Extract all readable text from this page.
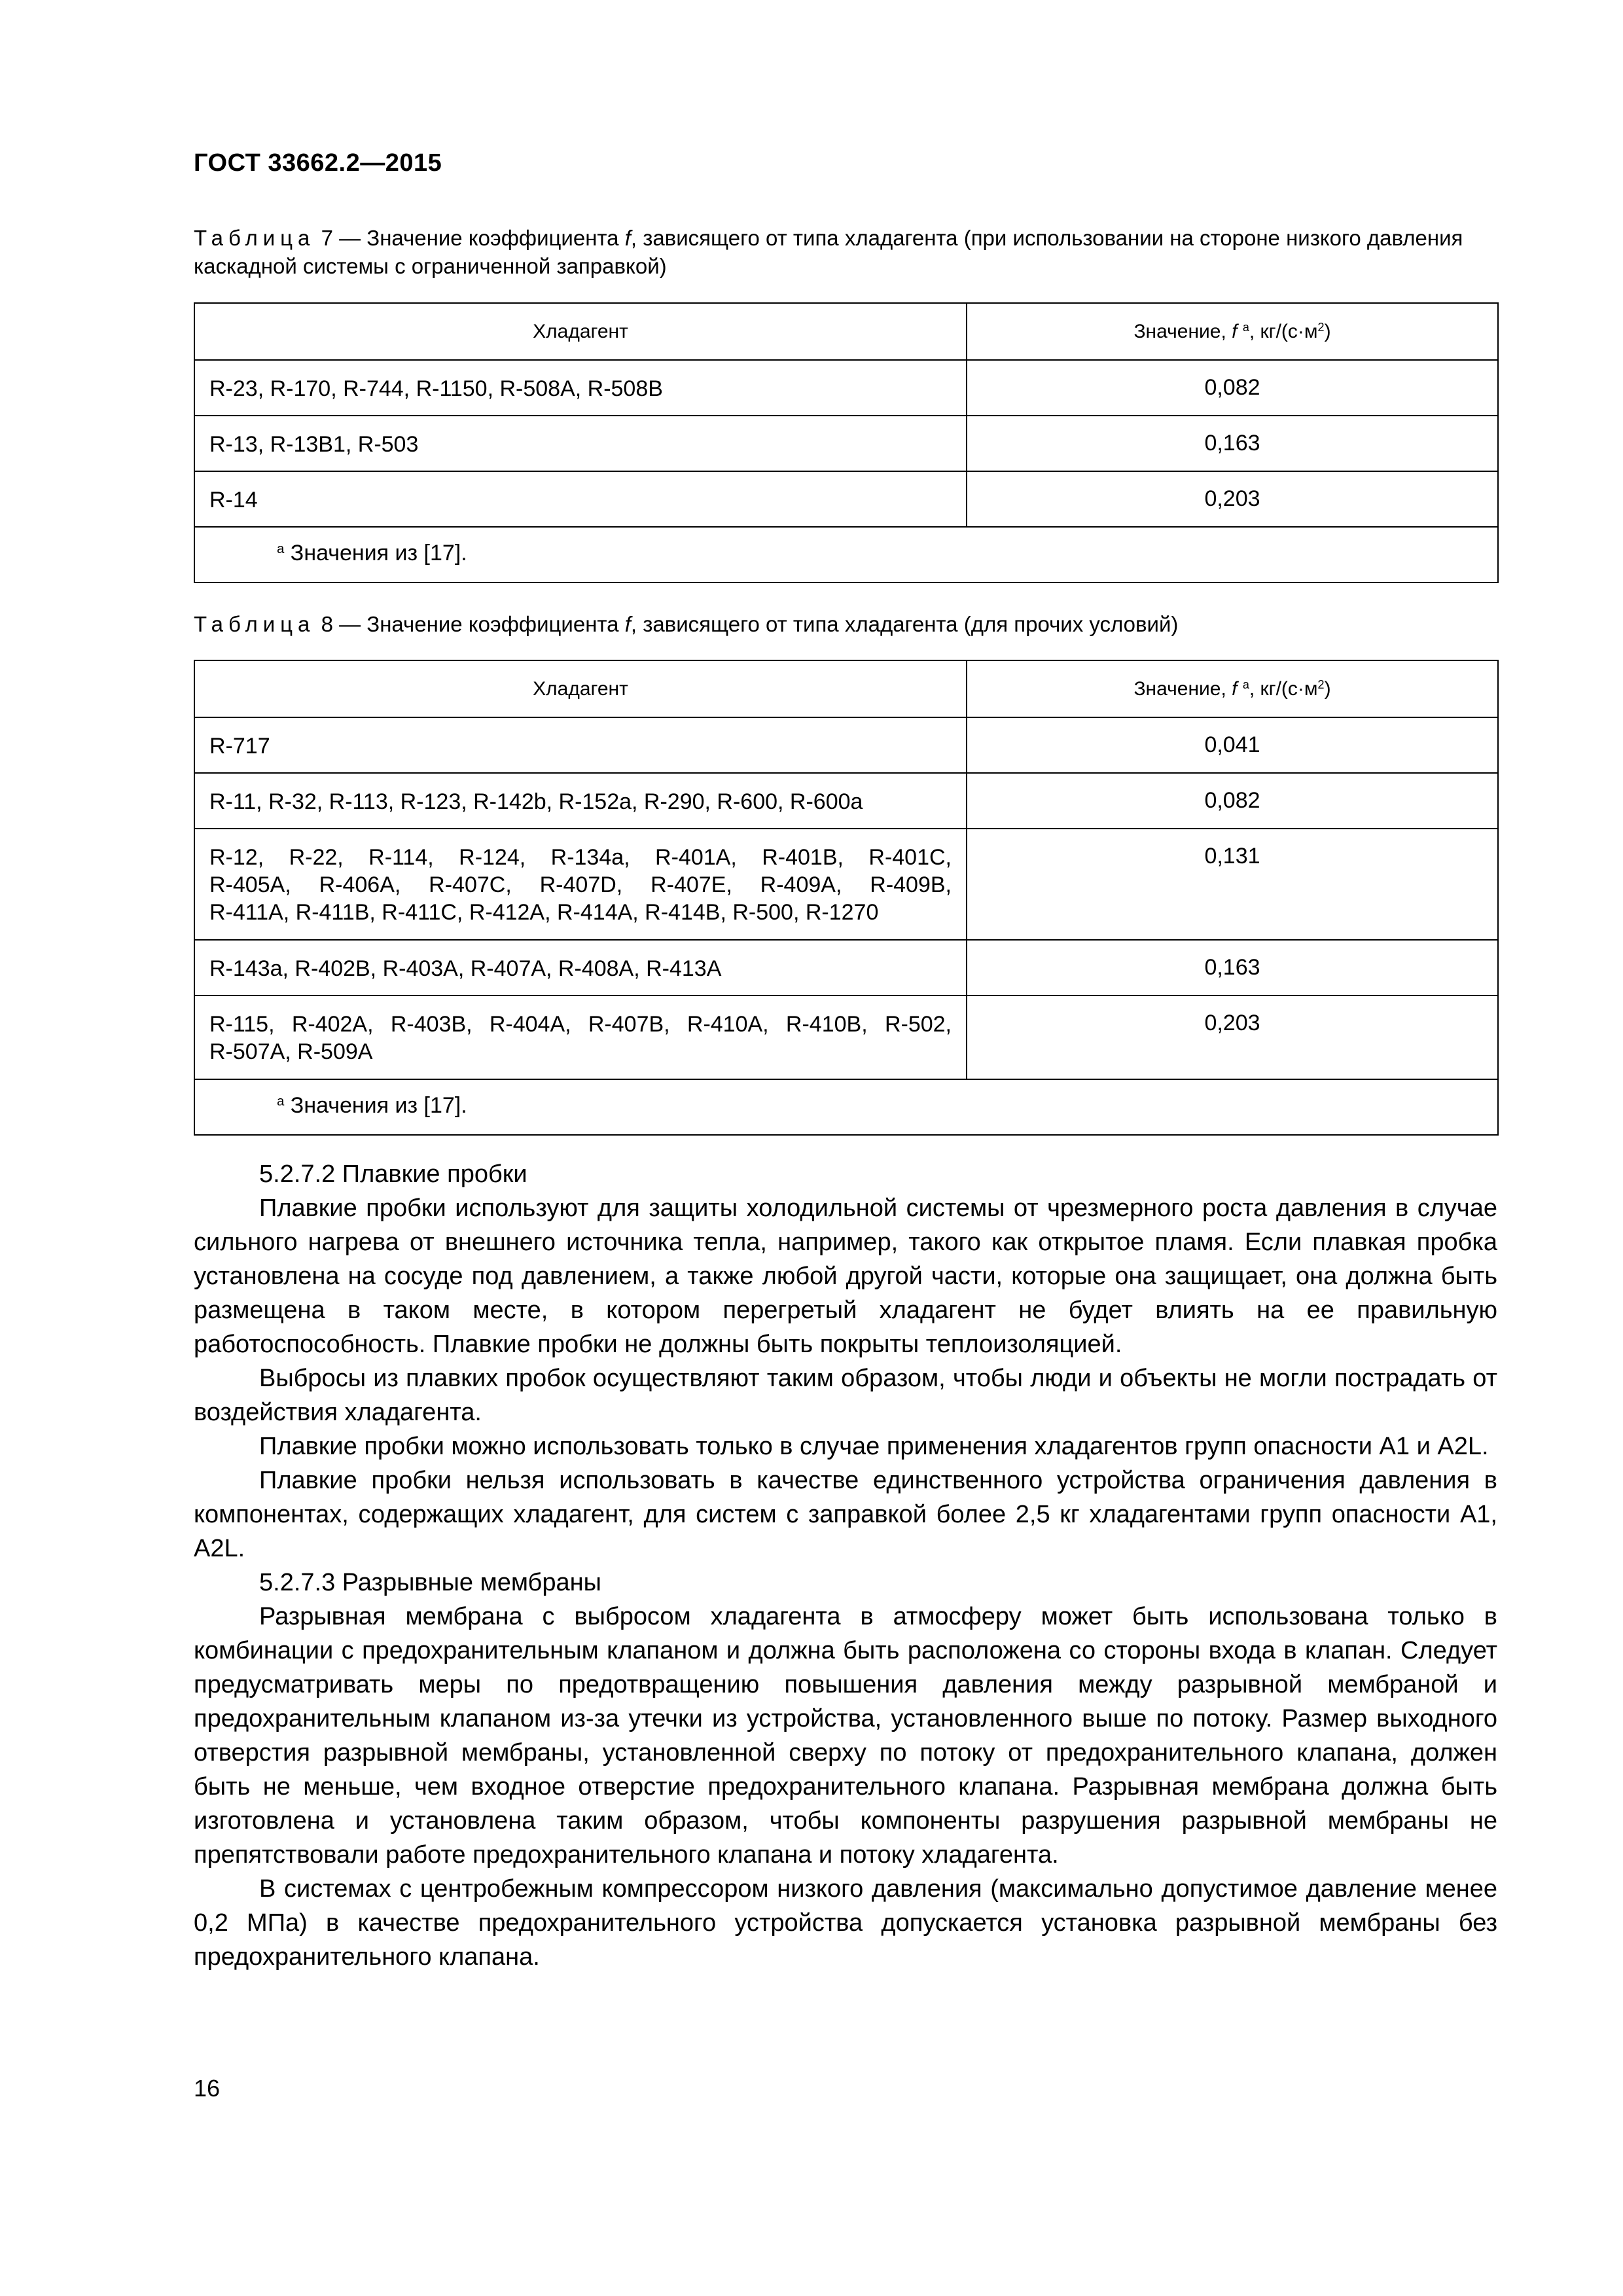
ГОСТ 33662.2—2015
Таблица 7 — Значение коэффициента f, зависящего от типа хладагента (при использовании на стороне низкого давления каскадной системы с ограниченной заправкой)
Хладагент	Значение, f $^a$, $кг/(с\cdot м^2)$
R-23, R-170, R-744, R-1150, R-508A, R-508B	0,082
R-13, R-13B1, R-503	0,163
R-14	0,203
$^a$ Значения из [17].	
Таблица 8 — Значение коэффициента f, зависящего от типа хладагента (для прочих условий)
Хладагент	Значение, f $^a$, $кг/(с\cdot м^2)$

R-717	0,041

R-11, R-32, R-113, R-123, R-142b, R-152a, R-290, R-600, R-600a	0,082

R-12, R-22, R-114, R-124, R-134a, R-401A, R-401B, R-401C,
R-405A, R-406A, R-407C, R-407D, R-407E, R-409A, R-409B,
R-411A, R-411B, R-411C, R-412A, R-414A, R-414B, R-500, R-1270	0,131

R-143a, R-402B, R-403A, R-407A, R-408A, R-413A	0,163

R-115, R-402A, R-403B, R-404A, R-407B, R-410A, R-410B, R-502,
R-507A, R-509A	0,203
$^a$ Значения из [17].	

5.2.7.2 Плавкие пробки

Плавкие пробки используют для защиты холодильной системы от чрезмерного роста давления в случае сильного нагрева от внешнего источника тепла, например, такого как открытое пламя. Если плавкая пробка установлена на сосуде под давлением, а также любой другой части, которые она защищает, она должна быть размещена в таком месте, в котором перегретый хладагент не будет влиять на ее правильную работоспособность. Плавкие пробки не должны быть покрыты теплоизоляцией.

Выбросы из плавких пробок осуществляют таким образом, чтобы люди и объекты не могли пострадать от воздействия хладагента.

Плавкие пробки можно использовать только в случае применения хладагентов групп опасности A1 и A2L.

Плавкие пробки нельзя использовать в качестве единственного устройства ограничения давления в компонентах, содержащих хладагент, для систем с заправкой более 2,5 кг хладагентами групп опасности A1, A2L.

5.2.7.3 Разрывные мембраны

Разрывная мембрана с выбросом хладагента в атмосферу может быть использована только в комбинации с предохранительным клапаном и должна быть расположена со стороны входа в клапан. Следует предусматривать меры по предотвращению повышения давления между разрывной мембраной и предохранительным клапаном из-за утечки из устройства, установленного выше по потоку. Размер выходного отверстия разрывной мембраны, установленной сверху по потоку от предохранительного клапана, должен быть не меньше, чем входное отверстие предохранительного клапана. Разрывная мембрана должна быть изготовлена и установлена таким образом, чтобы компоненты разрушения разрывной мембраны не препятствовали работе предохранительного клапана и потоку хладагента.

В системах с центробежным компрессором низкого давления (максимально допустимое давление менее 0,2 МПа) в качестве предохранительного устройства допускается установка разрывной мембраны без предохранительного клапана.

16
